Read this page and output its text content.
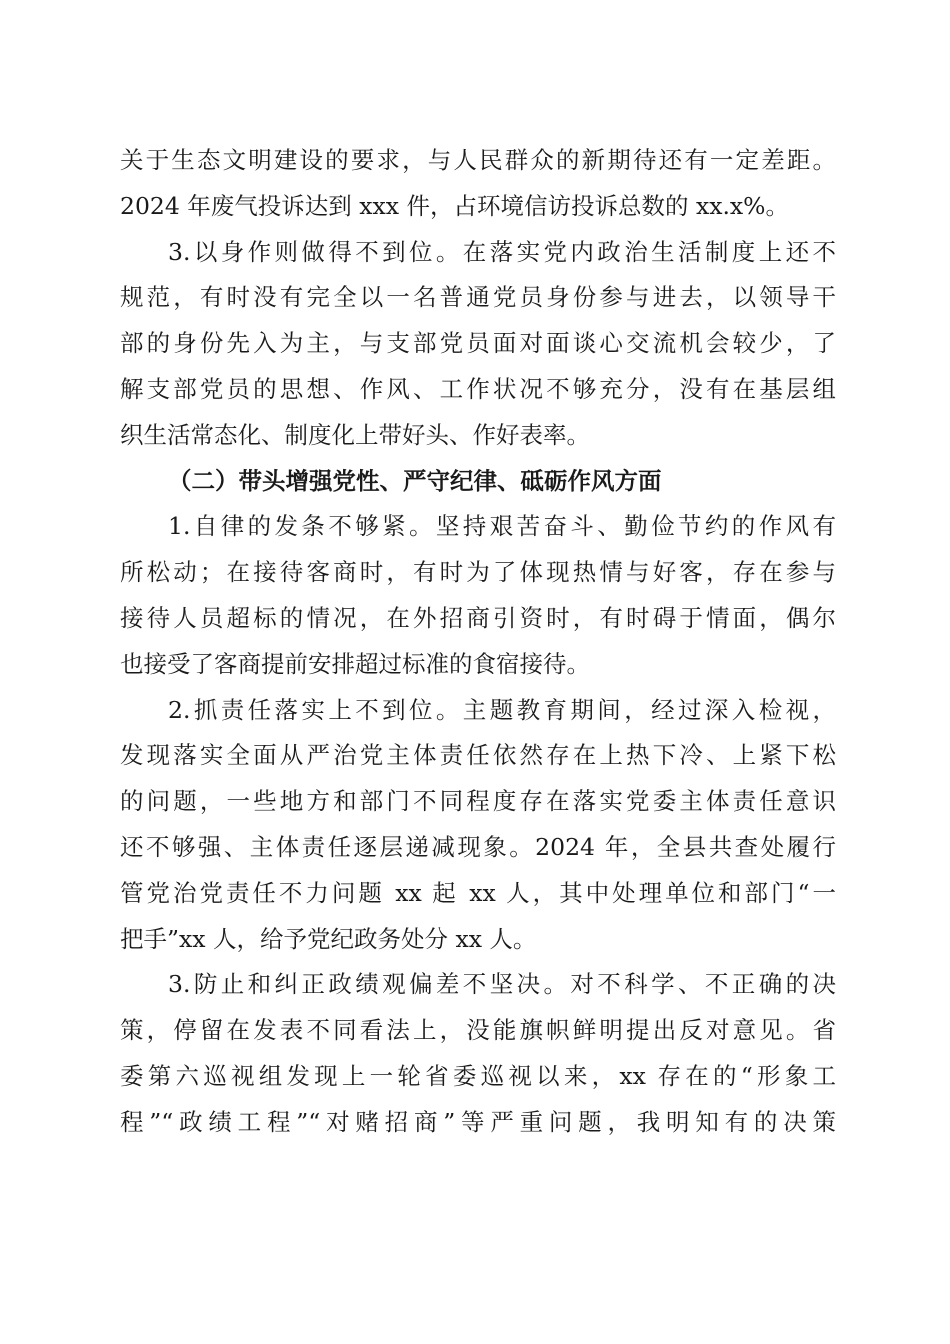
关于生态文明建设的要求，与人民群众的新期待还有一定差距。
2024 年废气投诉达到 xxx 件，占环境信访投诉总数的 xx.x%。
3.以身作则做得不到位。在落实党内政治生活制度上还不
规范，有时没有完全以一名普通党员身份参与进去，以领导干
部的身份先入为主，与支部党员面对面谈心交流机会较少，了
解支部党员的思想、作风、工作状况不够充分，没有在基层组
织生活常态化、制度化上带好头、作好表率。
（二）带头增强党性、严守纪律、砥砺作风方面
1.自律的发条不够紧。坚持艰苦奋斗、勤俭节约的作风有
所松动；在接待客商时，有时为了体现热情与好客，存在参与
接待人员超标的情况，在外招商引资时，有时碍于情面，偶尔
也接受了客商提前安排超过标准的食宿接待。
2.抓责任落实上不到位。主题教育期间，经过深入检视，
发现落实全面从严治党主体责任依然存在上热下冷、上紧下松
的问题，一些地方和部门不同程度存在落实党委主体责任意识
还不够强、主体责任逐层递减现象。2024 年，全县共查处履行
管党治党责任不力问题 xx 起 xx 人，其中处理单位和部门“一
把手”xx 人，给予党纪政务处分 xx 人。
3.防止和纠正政绩观偏差不坚决。对不科学、不正确的决
策，停留在发表不同看法上，没能旗帜鲜明提出反对意见。省
委第六巡视组发现上一轮省委巡视以来，xx 存在的“形象工
程”“政绩工程”“对赌招商”等严重问题，我明知有的决策
